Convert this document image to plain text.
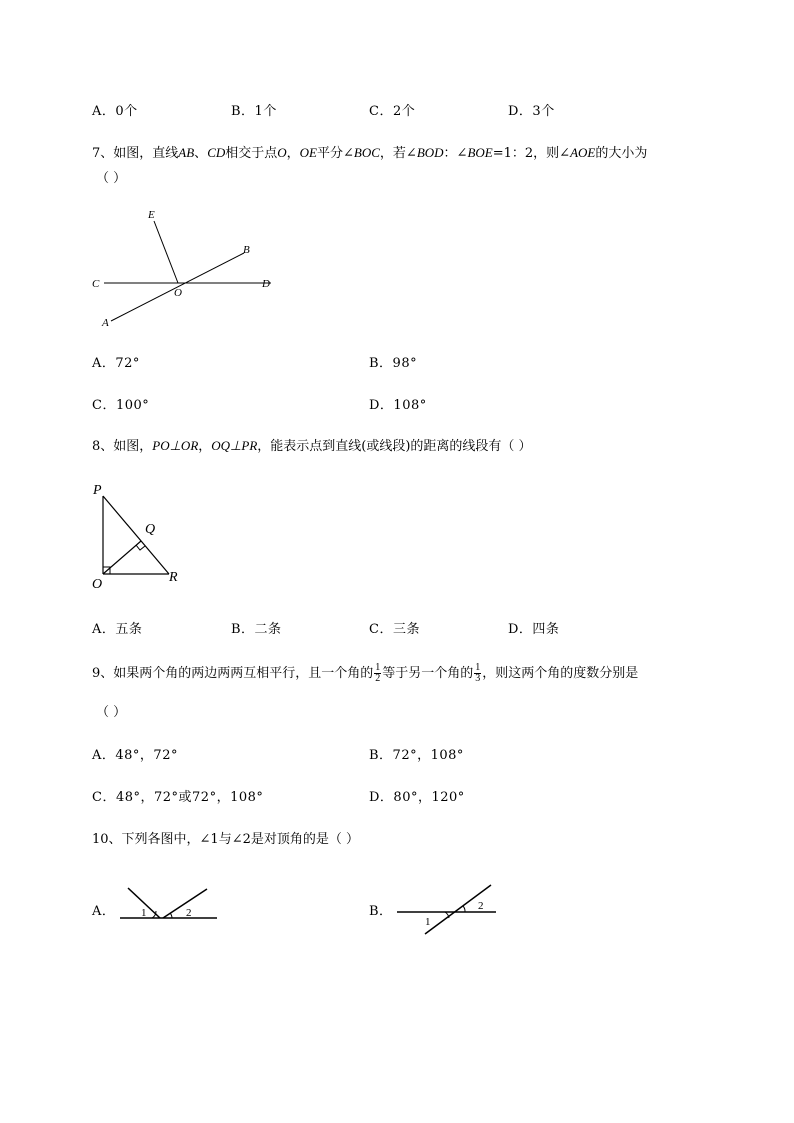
A．0个	B．1个	C．2个	D．3个
7、如图，直线AB、CD相交于点O，OE平分∠BOC，若∠BOD：∠BOE=1：2，则∠AOE的大小为
（ ）
E
B
C
O
D
A
A．72°	B．98°
C．100°	D．108°
8、如图，PO⊥OR，OQ⊥PR，能表示点到直线(或线段)的距离的线段有（ ）
P
Q
O	R
A．五条	B．二条	C．三条	D．四条
9、如果两个角的两边两两互相平行，且一个角的 $\frac{1}{2}$ 等于另一个角的 $\frac{1}{3}$ ，则这两个角的度数分别是
（ ）
A．48°，72°	B．72°，108°
C．48°，72°或72°，108°	D．80°，120°
10、下列各图中，∠1与∠2是对顶角的是（ ）
A． 1	2	B．
1
2
